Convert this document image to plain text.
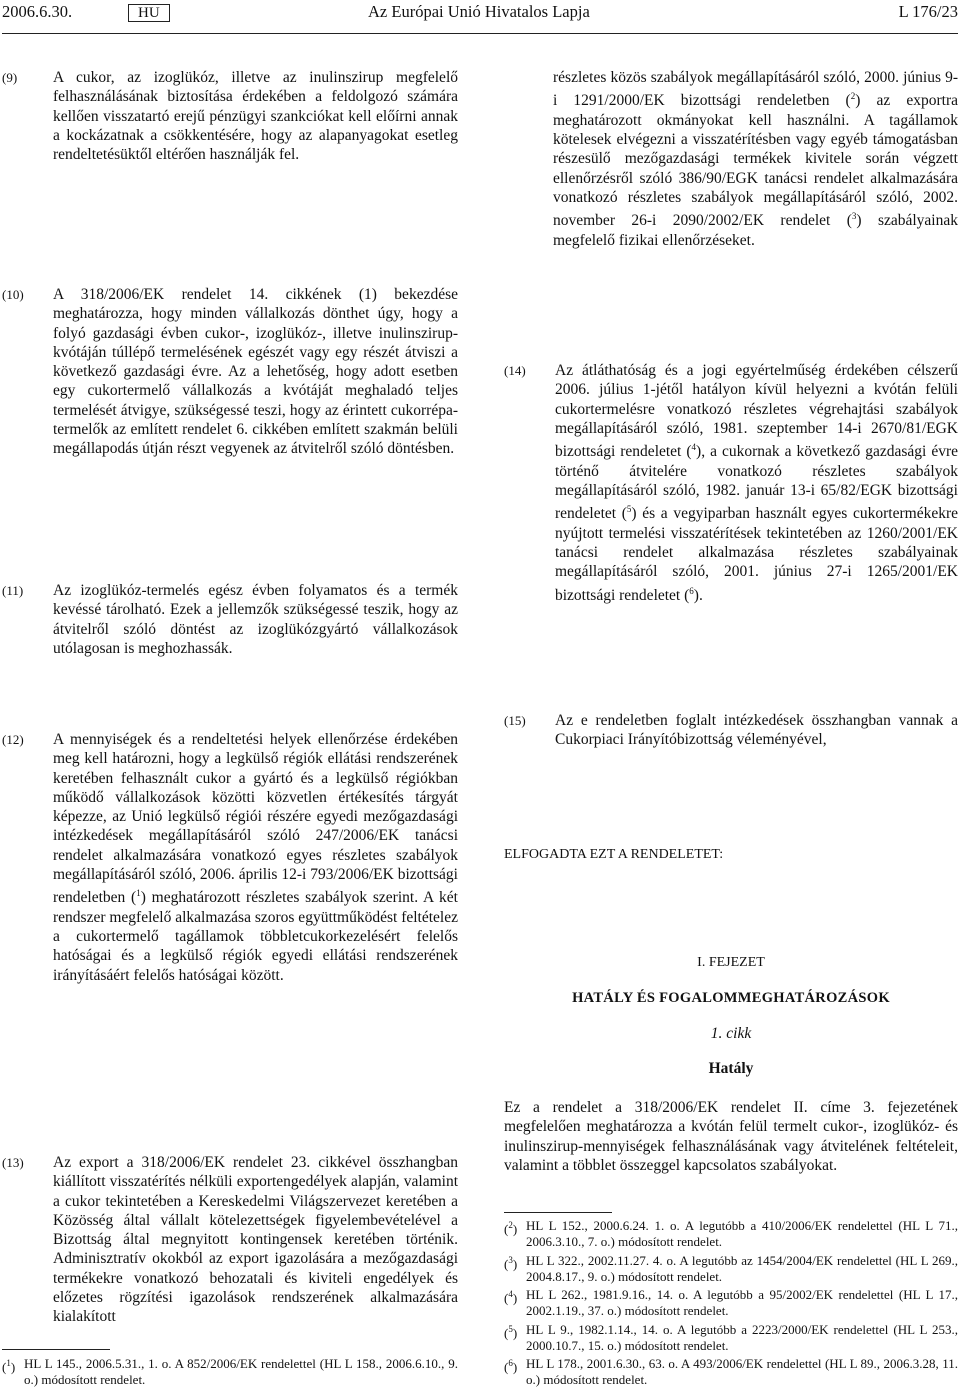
2006.6.30.	HU	Az Európai Unió Hivatalos Lapja	L 176/23
(9)	A cukor, az izoglükóz, illetve az inulinszirup megfelelő felhasználásának biztosítása érdekében a feldolgozó számára kellően visszatartó erejű pénzügyi szankciókat kell előírni annak a kockázatnak a csökkentésére, hogy az alapanyagokat esetleg rendeltetésüktől eltérően használják fel.
(10)	A 318/2006/EK rendelet 14. cikkének (1) bekezdése meghatározza, hogy minden vállalkozás dönthet úgy, hogy a folyó gazdasági évben cukor-, izoglükóz-, illetve inulinszirup-kvótáján túllépő termelésének egészét vagy egy részét átviszi a következő gazdasági évre. Az a lehetőség, hogy adott esetben egy cukortermelő vállalkozás a kvótáját meghaladó teljes termelését átvigye, szükségessé teszi, hogy az érintett cukorrépa-termelők az említett rendelet 6. cikkében említett szakmán belüli megállapodás útján részt vegyenek az átvitelről szóló döntésben.
(11)	Az izoglükóz-termelés egész évben folyamatos és a termék kevéssé tárolható. Ezek a jellemzők szükségessé teszik, hogy az átvitelről szóló döntést az izoglükózgyártó vállalkozások utólagosan is meghozhassák.
(12)	A mennyiségek és a rendeltetési helyek ellenőrzése érdekében meg kell határozni, hogy a legkülső régiók ellátási rendszerének keretében felhasznált cukor a gyártó és a legkülső régiókban működő vállalkozások közötti közvetlen értékesítés tárgyát képezze, az Unió legkülső régiói részére egyedi mezőgazdasági intézkedések megállapításáról szóló 247/2006/EK tanácsi rendelet alkalmazására vonatkozó egyes részletes szabályok megállapításáról szóló, 2006. április 12-i 793/2006/EK bizottsági rendeletben ($^1$) meghatározott részletes szabályok szerint. A két rendszer megfelelő alkalmazása szoros együttműködést feltételez a cukortermelő tagállamok többletcukorkezelésért felelős hatóságai és a legkülső régiók egyedi ellátási rendszerének irányításáért felelős hatóságai között.
(13)	Az export a 318/2006/EK rendelet 23. cikkével összhangban kiállított visszatérítés nélküli exportengedélyek alapján, valamint a cukor tekintetében a Kereskedelmi Világszervezet keretében a Közösség által vállalt kötelezettségek figyelembevételével a Bizottság által megnyitott kontingensek keretében történik. Adminisztratív okokból az export igazolására a mezőgazdasági termékekre vonatkozó behozatali és kiviteli engedélyek és előzetes rögzítési igazolások rendszerének alkalmazására kialakított
($^1$) HL L 145., 2006.5.31., 1. o. A 852/2006/EK rendelettel (HL L 158., 2006.6.10., 9. o.) módosított rendelet.
részletes közös szabályok megállapításáról szóló, 2000. június 9-i 1291/2000/EK bizottsági rendeletben ($^2$) az exportra meghatározott okmányokat kell használni. A tagállamok kötelesek elvégezni a visszatérítésben vagy egyéb támogatásban részesülő mezőgazdasági termékek kivitele során végzett ellenőrzésről szóló 386/90/EGK tanácsi rendelet alkalmazására vonatkozó részletes szabályok megállapításáról szóló, 2002. november 26-i 2090/2002/EK rendelet ($^3$) szabályainak megfelelő fizikai ellenőrzéseket.
(14)	Az átláthatóság és a jogi egyértelműség érdekében célszerű 2006. július 1-jétől hatályon kívül helyezni a kvótán felüli cukortermelésre vonatkozó részletes végrehajtási szabályok megállapításáról szóló, 1981. szeptember 14-i 2670/81/EGK bizottsági rendeletet ($^4$), a cukornak a következő gazdasági évre történő átvitelére vonatkozó részletes szabályok megállapításáról szóló, 1982. január 13-i 65/82/EGK bizottsági rendeletet ($^5$) és a vegyiparban használt egyes cukortermékekre nyújtott termelési visszatérítések tekintetében az 1260/2001/EK tanácsi rendelet alkalmazása részletes szabályainak megállapításáról szóló, 2001. június 27-i 1265/2001/EK bizottsági rendeletet ($^6$).
(15)	Az e rendeletben foglalt intézkedések összhangban vannak a Cukorpiaci Irányítóbizottság véleményével,
ELFOGADTA EZT A RENDELETET:
I. FEJEZET
HATÁLY ÉS FOGALOMMEGHATÁROZÁSOK
1. cikk
Hatály
Ez a rendelet a 318/2006/EK rendelet II. címe 3. fejezetének megfelelően meghatározza a kvótán felül termelt cukor-, izoglükóz- és inulinszirup-mennyiségek felhasználásának vagy átvitelének feltételeit, valamint a többlet összeggel kapcsolatos szabályokat.
($^2$) HL L 152., 2000.6.24. 1. o. A legutóbb a 410/2006/EK rendelettel (HL L 71., 2006.3.10., 7. o.) módosított rendelet.
($^3$) HL L 322., 2002.11.27. 4. o. A legutóbb az 1454/2004/EK rendelettel (HL L 269., 2004.8.17., 9. o.) módosított rendelet.
($^4$) HL L 262., 1981.9.16., 14. o. A legutóbb a 95/2002/EK rendelettel (HL L 17., 2002.1.19., 37. o.) módosított rendelet.
($^5$) HL L 9., 1982.1.14., 14. o. A legutóbb a 2223/2000/EK rendelettel (HL L 253., 2000.10.7., 15. o.) módosított rendelet.
($^6$) HL L 178., 2001.6.30., 63. o. A 493/2006/EK rendelettel (HL L 89., 2006.3.28, 11. o.) módosított rendelet.
